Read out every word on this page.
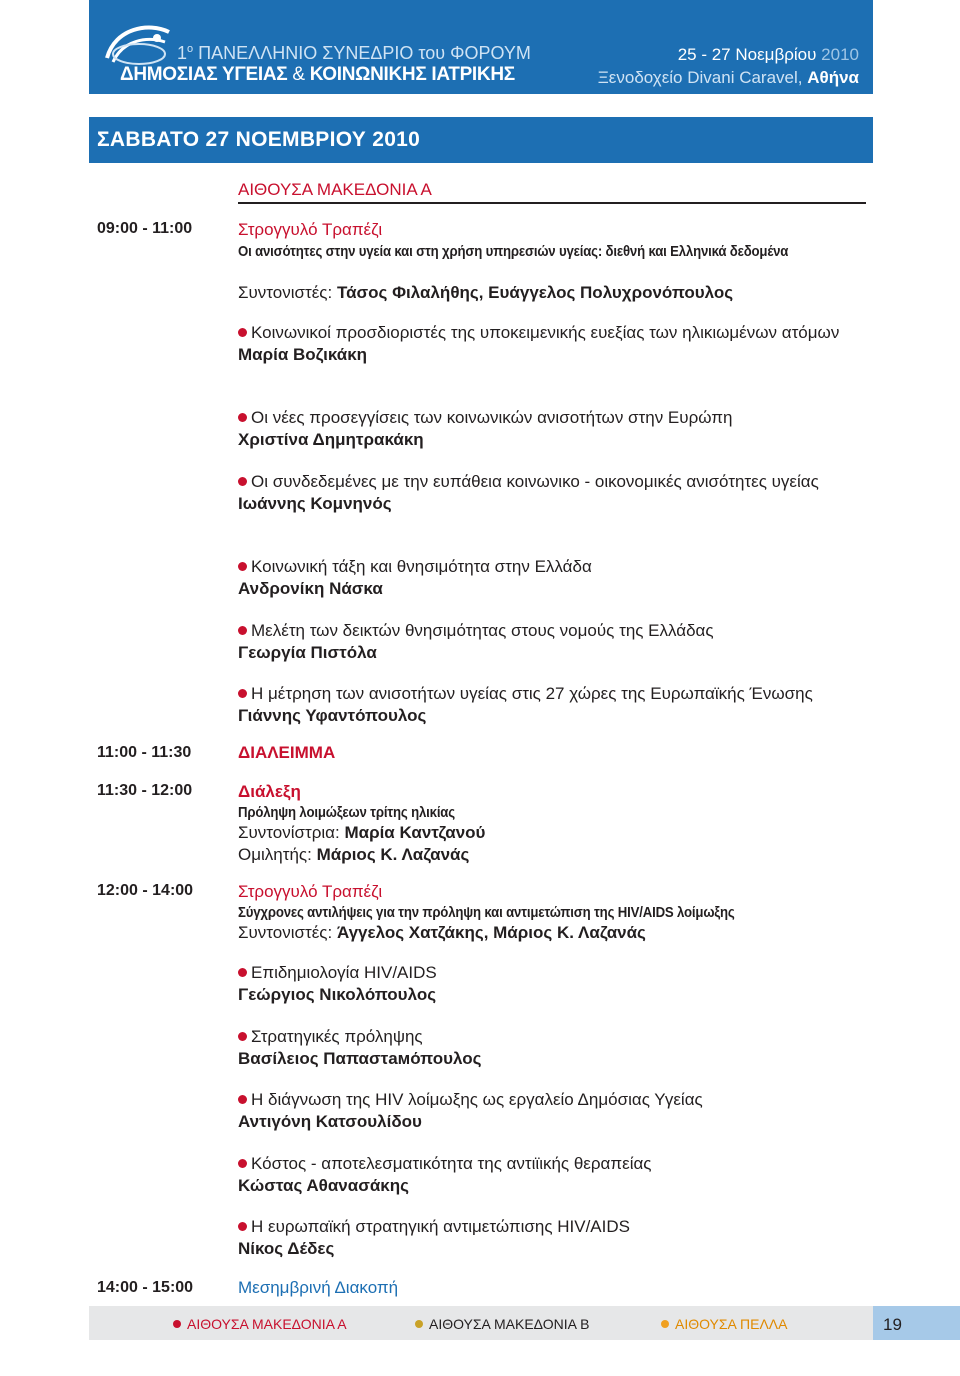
$1^o$ ΠΑΝΕΛΛΗΝΙΟ ΣΥΝΕΔΡΙΟ του ΦΟΡΟΥΜ
ΔΗΜΟΣΙΑΣ ΥΓΕΙΑΣ & ΚΟΙΝΩΝΙΚΗΣ ΙΑΤΡΙΚΗΣ
25 - 27 Νοεμβρίου 2010
Ξενοδοχείο Divani Caravel, Αθήνα
ΣΑΒΒΑΤΟ 27 ΝΟΕΜΒΡΙΟΥ 2010
ΑΙΘΟΥΣΑ ΜΑΚΕΔΟΝΙΑ Α
09:00 - 11:00	Στρογγυλό Τραπέζι
Οι ανισότητες στην υγεία και στη χρήση υπηρεσιών υγείας: διεθνή και Ελληνικά δεδομένα
Συντονιστές: Τάσος Φιλαλήθης, Ευάγγελος Πολυχρονόπουλος
Κοινωνικοί προσδιοριστές της υποκειμενικής ευεξίας των ηλικιωμένων ατόμων
Μαρία Βοζικάκη
Οι νέες προσεγγίσεις των κοινωνικών ανισοτήτων στην Ευρώπη
Χριστίνα Δημητρακάκη
Οι συνδεδεμένες με την ευπάθεια κοινωνικο - οικονομικές ανισότητες υγείας
Ιωάννης Κομνηνός
Κοινωνική τάξη και θνησιμότητα στην Ελλάδα
Ανδρονίκη Νάσκα
Μελέτη των δεικτών θνησιμότητας στους νομούς της Ελλάδας
Γεωργία Πιστόλα
Η μέτρηση των ανισοτήτων υγείας στις 27 χώρες της Ευρωπαϊκής Ένωσης
Γιάννης Υφαντόπουλος
11:00 - 11:30	ΔΙΑΛΕΙΜΜΑ
11:30 - 12:00	Διάλεξη
Πρόληψη λοιμώξεων τρίτης ηλικίας
Συντονίστρια: Μαρία Καντζανού
Ομιλητής: Μάριος Κ. Λαζανάς
12:00 - 14:00	Στρογγυλό Τραπέζι
Σύγχρονες αντιλήψεις για την πρόληψη και αντιμετώπιση της HIV/AIDS λοίμωξης
Συντονιστές: Άγγελος Χατζάκης, Μάριος Κ. Λαζανάς
Επιδημιολογία HIV/AIDS
Γεώργιος Νικολόπουλος
Στρατηγικές πρόληψης
Βασίλειος Παπαστамόπουλος
Η διάγνωση της HIV λοίμωξης ως εργαλείο Δημόσιας Υγείας
Αντιγόνη Κατσουλίδου
Κόστος - αποτελεσματικότητα της αντιϊικής θεραπείας
Κώστας Αθανασάκης
Η ευρωπαϊκή στρατηγική αντιμετώπισης HIV/AIDS
Νίκος Δέδες
14:00 - 15:00	Μεσημβρινή Διακοπή
ΑΙΘΟΥΣΑ ΜΑΚΕΔΟΝΙΑ Α	ΑΙΘΟΥΣΑ ΜΑΚΕΔΟΝΙΑ Β	ΑΙΘΟΥΣΑ ΠΕΛΛΑ	19
